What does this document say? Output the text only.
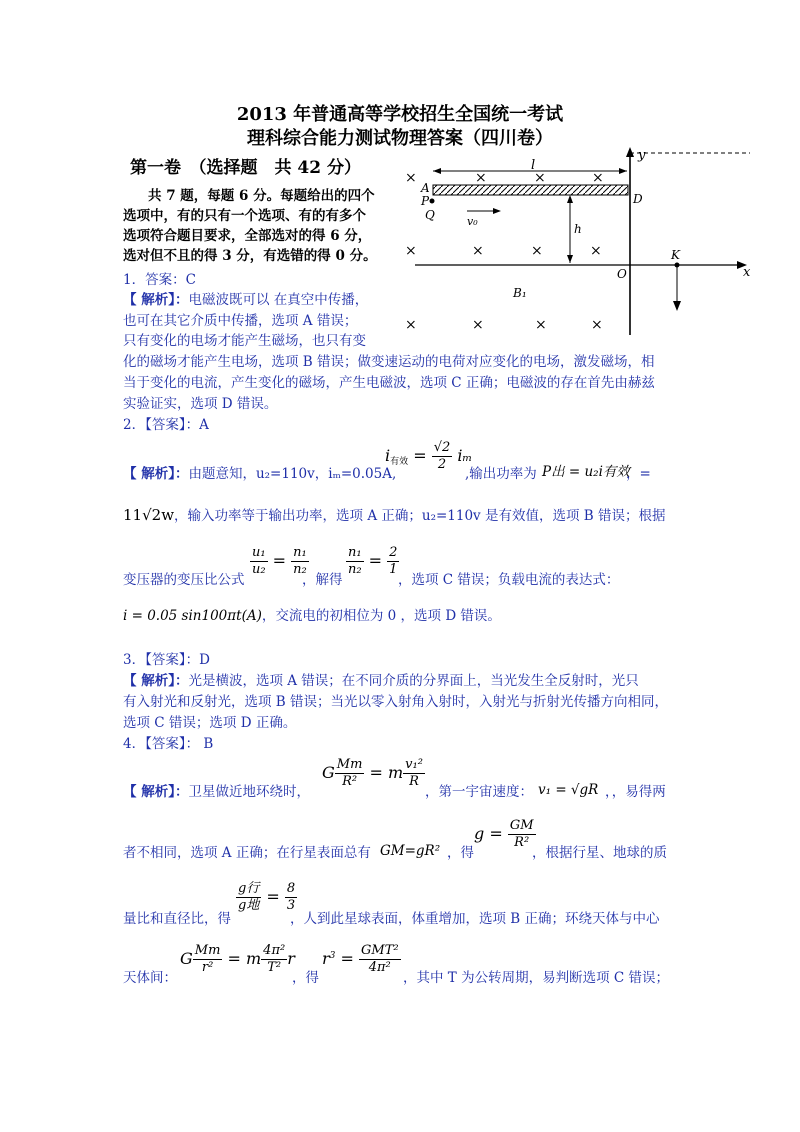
2013 年普通高等学校招生全国统一考试
理科综合能力测试物理答案（四川卷）
第一卷　（选择题　共 42 分）
共 7 题，每题 6 分。每题给出的四个
选项中，有的只有一个选项、有的有多个
选项符合题目要求，全部选对的得 6 分，
选对但不且的得 3 分，有选错的得 0 分。
y
x
l
A
D
P
Q	v₀
h
O
K
B₁
×	×	×	×
×	×	×	×
×	×	×	×
1．答案：C
【 解析】：电磁波既可以 在真空中传播，
也可在其它介质中传播，选项 A 错误；
只有变化的电场才能产生磁场，也只有变
化的磁场才能产生电场，选项 B 错误；做变速运动的电荷对应变化的电场，激发磁场，相
当于变化的电流，产生变化的磁场，产生电磁波，选项 C 正确；电磁波的存在首先由赫兹
实验证实，选项 D 错误。
2．【答案】：A
【 解析】：由题意知，u₂=110v，iₘ=0.05A,
$i_{有效} = \frac{√2}{2}$ iₘ
,输出功率为 P出 = u₂i有效
，=
11√2w，输入功率等于输出功率，选项 A 正确；u₂=110v 是有效值，选项 B 错误；根据
变压器的变压比公式
$\frac{\text{u₁}}{\text{u₂}} = \frac{\text{n₁}}{\text{n₂}}$
，解得
$\frac{\text{n₁}}{\text{n₂}} = \frac{2}{1}$
，选项 C 错误；负载电流的表达式：
i = 0.05 sin100πt(A)，交流电的初相位为 0 ，选项 D 错误。
3．【答案】：D
【 解析】：光是横波，选项 A 错误；在不同介质的分界面上，当光发生全反射时，光只
有入射光和反射光，选项 B 错误；当光以零入射角入射时，入射光与折射光传播方向相同，
选项 C 错误；选项 D 正确。
4．【答案】： B
【 解析】：卫星做近地环绕时，
G $\frac{Mm}{\text{R²}} = m \frac{\text{v₁²}}{R}$
，第一宇宙速度： v₁ = √gR ，，易得两
者不相同，选项 A 正确；在行星表面总有 GM=gR² ，得
$g = \frac{GM}{\text{R²}}$
，根据行星、地球的质
量比和直径比，得
$\frac{\text{g行}}{\text{g地}} = \frac{8}{3}$
，人到此星球表面，体重增加，选项 B 正确；环绕天体与中心
天体间：
G $\frac{Mm}{\text{r²}} = m \frac{\text{4π²}}{\text{T²}}$ r
，得
$r^3 = \frac{\text{GMT²}}{\text{4π²}}$
，其中 T 为公转周期，易判断选项 C 错误；
